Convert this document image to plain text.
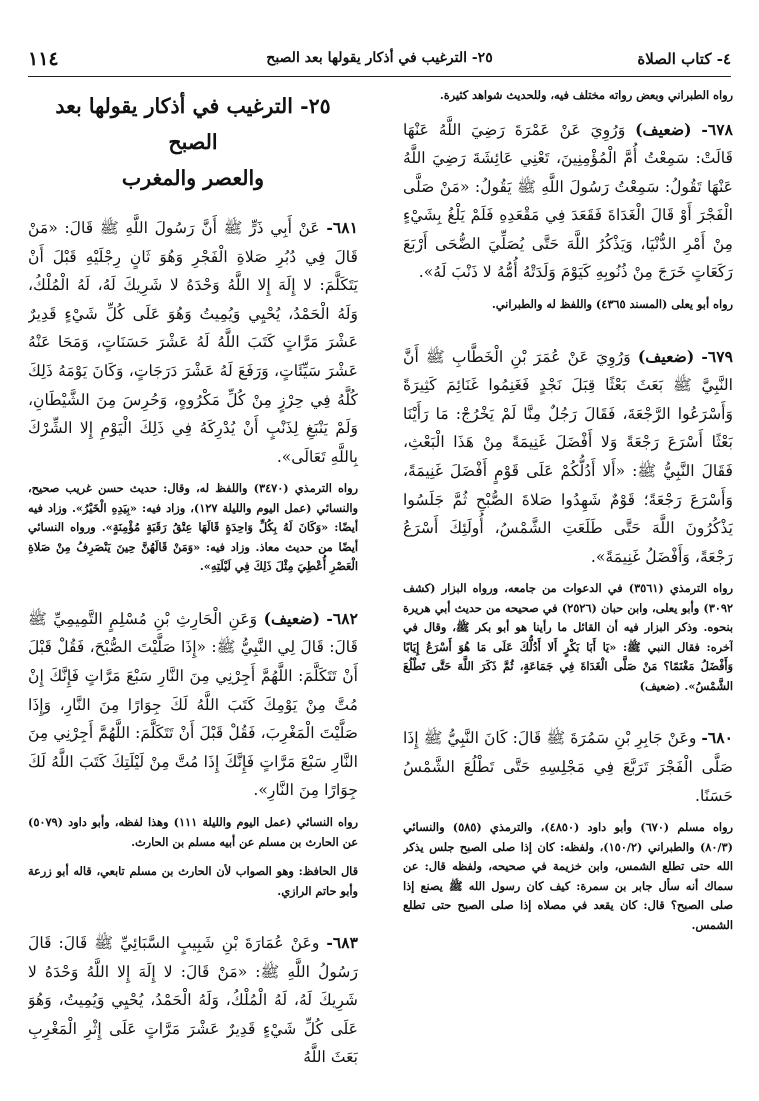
٤- كتاب الصلاة
٢٥- الترغيب في أذكار يقولها بعد الصبح
١١٤

رواه الطبراني وبعض رواته مختلف فيه، وللحديث شواهد كثيرة.

٦٧٨- (ضعيف) وَرُوِيَ عَنْ عَمْرَةَ رَضِيَ اللَّهُ عَنْهَا قَالَتْ: سَمِعْتُ أُمَّ الْمُؤْمِنِينَ، تَعْنِي عَائِشَةَ رَضِيَ اللَّهُ عَنْهَا تَقُولُ: سَمِعْتُ رَسُولَ اللَّهِ ﷺ يَقُولُ: «مَنْ صَلَّى الْفَجْرَ أَوْ قَالَ الْغَدَاةَ فَقَعَدَ فِي مَقْعَدِهِ فَلَمْ يَلْغُ بِشَيْءٍ مِنْ أَمْرِ الدُّنْيَا، وَيَذْكُرُ اللَّهَ حَتَّى يُصَلِّيَ الضُّحَى أَرْبَعَ رَكَعَاتٍ خَرَجَ مِنْ ذُنُوبِهِ كَيَوْمَ وَلَدَتْهُ أُمُّهُ لا ذَنْبَ لَهُ».

رواه أبو يعلى (المسند ٤٣٦٥) واللفظ له والطبراني.

٦٧٩- (ضعيف) وَرُوِيَ عَنْ عُمَرَ بْنِ الْخَطَّابِ ﷺ أَنَّ النَّبِيَّ ﷺ بَعَثَ بَعْثًا قِبَلَ نَجْدٍ فَغَنِمُوا غَنَائِمَ كَثِيرَةً وَأَسْرَعُوا الرَّجْعَةَ، فَقَالَ رَجُلٌ مِنَّا لَمْ يَخْرُجْ: مَا رَأَيْنَا بَعْثًا أَسْرَعَ رَجْعَةً وَلا أَفْضَلَ غَنِيمَةً مِنْ هَذَا الْبَعْثِ، فَقَالَ النَّبِيُّ ﷺ: «أَلا أَدُلُّكُمْ عَلَى قَوْمٍ أَفْضَلَ غَنِيمَةً، وَأَسْرَعَ رَجْعَةً؛ قَوْمٌ شَهِدُوا صَلاةَ الصُّبْحِ ثُمَّ جَلَسُوا يَذْكُرُونَ اللَّهَ حَتَّى طَلَعَتِ الشَّمْسُ، أُولَئِكَ أَسْرَعُ رَجْعَةً، وَأَفْضَلُ غَنِيمَةً».

رواه الترمذي (٣٥٦١) في الدعوات من جامعه، ورواه البزار (كشف ٣٠٩٢) وأبو يعلى، وابن حبان (٢٥٢٦) في صحيحه من حديث أبي هريرة بنحوه. وذكر البزار فيه أن القائل ما رأينا هو أبو بكر ﷺ، وقال في آخره: فقال النبي ﷺ: «يَا أَبَا بَكْرٍ أَلا أَدُلُّكَ عَلَى مَا هُوَ أَسْرَعُ إِيَابًا وَأَفْضَلُ مَغْنَمًا؟ مَنْ صَلَّى الْغَدَاةَ فِي جَمَاعَةٍ، ثُمَّ ذَكَرَ اللَّهَ حَتَّى تَطْلُعَ الشَّمْسُ». (ضعيف)

٦٨٠- وعَنْ جَابِرِ بْنِ سَمُرَةَ ﷺ قَالَ: كَانَ النَّبِيُّ ﷺ إِذَا صَلَّى الْفَجْرَ تَرَبَّعَ فِي مَجْلِسِهِ حَتَّى تَطْلُعَ الشَّمْسُ حَسَنًا.

رواه مسلم (٦٧٠) وأبو داود (٤٨٥٠)، والترمذي (٥٨٥) والنسائي (٨٠/٣) والطبراني (١٥٠/٢)، ولفظه: كان إذا صلى الصبح جلس يذكر الله حتى تطلع الشمس، وابن خزيمة في صحيحه، ولفظه قال: عن سماك أنه سأل جابر بن سمرة: كيف كان رسول الله ﷺ يصنع إذا صلى الصبح؟ قال: كان يقعد في مصلاه إذا صلى الصبح حتى تطلع الشمس.

٢٥- الترغيب في أذكار يقولها بعد الصبح
والعصر والمغرب

٦٨١- عَنْ أَبِي ذَرٍّ ﷺ أَنَّ رَسُولَ اللَّهِ ﷺ قَالَ: «مَنْ قَالَ فِي دُبُرِ صَلاةِ الْفَجْرِ وَهُوَ ثَانٍ رِجْلَيْهِ قَبْلَ أَنْ يَتَكَلَّمَ: لا إِلَهَ إِلا اللَّهُ وَحْدَهُ لا شَرِيكَ لَهُ، لَهُ الْمُلْكُ، وَلَهُ الْحَمْدُ، يُحْيِي وَيُمِيتُ وَهُوَ عَلَى كُلِّ شَيْءٍ قَدِيرٌ عَشْرَ مَرَّاتٍ كَتَبَ اللَّهُ لَهُ عَشْرَ حَسَنَاتٍ، وَمَحَا عَنْهُ عَشْرَ سَيِّئَاتٍ، وَرَفَعَ لَهُ عَشْرَ دَرَجَاتٍ، وَكَانَ يَوْمَهُ ذَلِكَ كُلَّهُ فِي حِرْزٍ مِنْ كُلِّ مَكْرُوهٍ، وَحُرِسَ مِنَ الشَّيْطَانِ، وَلَمْ يَنْبَغِ لِذَنْبٍ أَنْ يُدْرِكَهُ فِي ذَلِكَ الْيَوْمِ إِلا الشِّرْكَ بِاللَّهِ تَعَالَى».

رواه الترمذي (٣٤٧٠) واللفظ له، وقال: حديث حسن غريب صحيح، والنسائي (عمل اليوم والليلة ١٢٧)، وزاد فيه: «بِيَدِهِ الْخَيْرُ». وزاد فيه أيضًا: «وَكَانَ لَهُ بِكُلِّ وَاحِدَةٍ قَالَهَا عِتْقُ رَقَبَةٍ مُؤْمِنَةٍ». ورواه النسائي أيضًا من حديث معاذ. وزاد فيه: «وَمَنْ قَالَهُنَّ حِينَ يَنْصَرِفُ مِنْ صَلاةِ الْعَصْرِ أُعْطِيَ مِثْلَ ذَلِكَ فِي لَيْلَتِهِ».

٦٨٢- (ضعيف) وَعَنِ الْحَارِثِ بْنِ مُسْلِمٍ التَّمِيمِيِّ ﷺ قَالَ: قَالَ لِي النَّبِيُّ ﷺ: «إِذَا صَلَّيْتَ الصُّبْحَ، فَقُلْ قَبْلَ أَنْ تَتَكَلَّمَ: اللَّهُمَّ أَجِرْنِي مِنَ النَّارِ سَبْعَ مَرَّاتٍ فَإِنَّكَ إِنْ مُتَّ مِنْ يَوْمِكَ كَتَبَ اللَّهُ لَكَ جِوَارًا مِنَ النَّارِ، وَإِذَا صَلَّيْتَ الْمَغْرِبَ، فَقُلْ قَبْلَ أَنْ تَتَكَلَّمَ: اللَّهُمَّ أَجِرْنِي مِنَ النَّارِ سَبْعَ مَرَّاتٍ فَإِنَّكَ إِذَا مُتَّ مِنْ لَيْلَتِكَ كَتَبَ اللَّهُ لَكَ جِوَارًا مِنَ النَّارِ».

رواه النسائي (عمل اليوم والليلة ١١١) وهذا لفظه، وأبو داود (٥٠٧٩) عن الحارث بن مسلم عن أبيه مسلم بن الحارث.

قال الحافظ: وهو الصواب لأن الحارث بن مسلم تابعي، قاله أبو زرعة وأبو حاتم الرازي.

٦٨٣- وعَنْ عُمَارَةَ بْنِ شَبِيبٍ السَّبَائِيِّ ﷺ قَالَ: قَالَ رَسُولُ اللَّهِ ﷺ: «مَنْ قَالَ: لا إِلَهَ إِلا اللَّهُ وَحْدَهُ لا شَرِيكَ لَهُ، لَهُ الْمُلْكُ، وَلَهُ الْحَمْدُ، يُحْيِي وَيُمِيتُ، وَهُوَ عَلَى كُلِّ شَيْءٍ قَدِيرٌ عَشْرَ مَرَّاتٍ عَلَى إِثْرِ الْمَغْرِبِ بَعَثَ اللَّهُ
